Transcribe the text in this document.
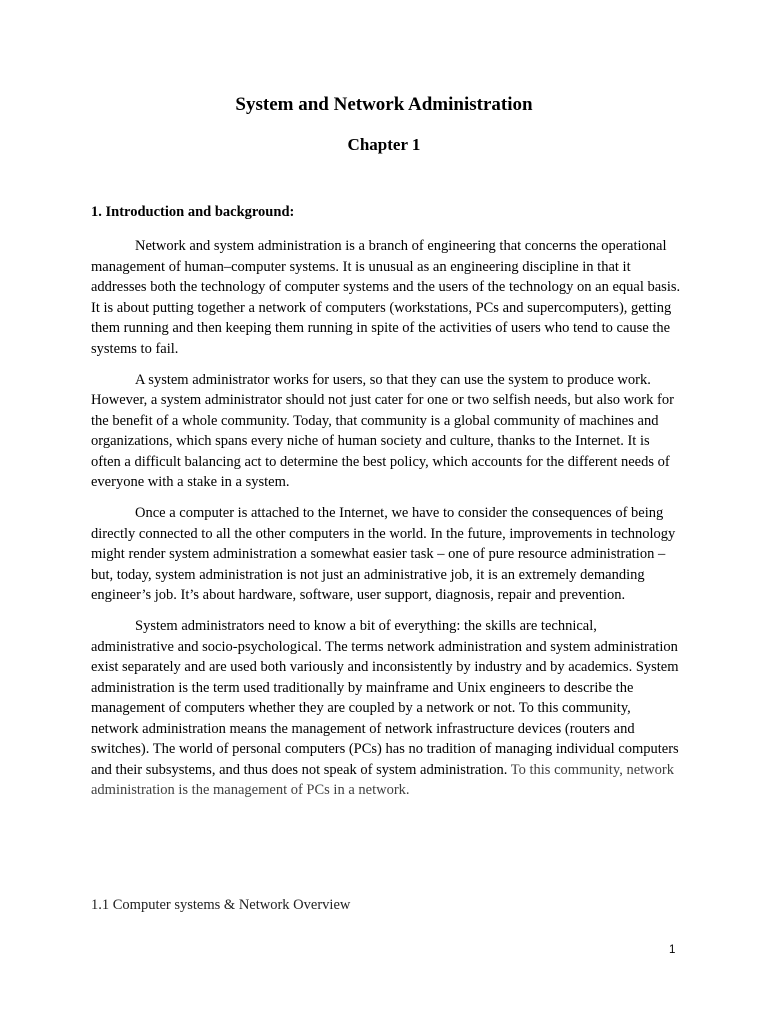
System and Network Administration
Chapter 1
1. Introduction and background:

Network and system administration is a branch of engineering that concerns the operational management of human–computer systems. It is unusual as an engineering discipline in that it addresses both the technology of computer systems and the users of the technology on an equal basis. It is about putting together a network of computers (workstations, PCs and supercomputers), getting them running and then keeping them running in spite of the activities of users who tend to cause the systems to fail.

A system administrator works for users, so that they can use the system to produce work. However, a system administrator should not just cater for one or two selfish needs, but also work for the benefit of a whole community. Today, that community is a global community of machines and organizations, which spans every niche of human society and culture, thanks to the Internet. It is often a difficult balancing act to determine the best policy, which accounts for the different needs of everyone with a stake in a system.

Once a computer is attached to the Internet, we have to consider the consequences of being directly connected to all the other computers in the world. In the future, improvements in technology might render system administration a somewhat easier task – one of pure resource administration – but, today, system administration is not just an administrative job, it is an extremely demanding engineer’s job. It’s about hardware, software, user support, diagnosis, repair and prevention.

System administrators need to know a bit of everything: the skills are technical, administrative and socio-psychological. The terms network administration and system administration exist separately and are used both variously and inconsistently by industry and by academics. System administration is the term used traditionally by mainframe and Unix engineers to describe the management of computers whether they are coupled by a network or not. To this community, network administration means the management of network infrastructure devices (routers and switches). The world of personal computers (PCs) has no tradition of managing individual computers and their subsystems, and thus does not speak of system administration. To this community, network administration is the management of PCs in a network.

1.1 Computer systems & Network Overview
1
